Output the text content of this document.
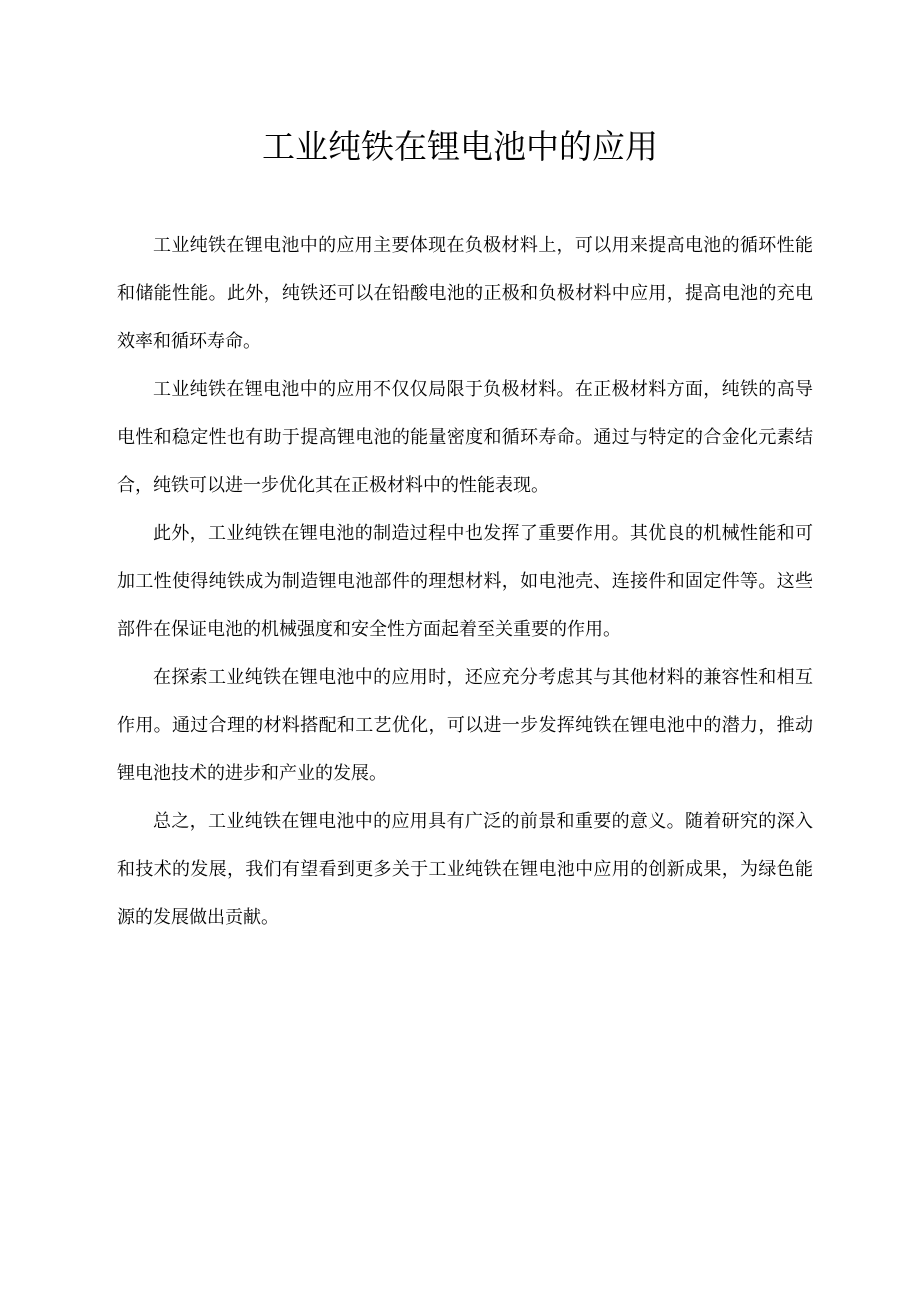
工业纯铁在锂电池中的应用

工业纯铁在锂电池中的应用主要体现在负极材料上，可以用来提高电池的循环性能和储能性能。此外，纯铁还可以在铅酸电池的正极和负极材料中应用，提高电池的充电效率和循环寿命。

工业纯铁在锂电池中的应用不仅仅局限于负极材料。在正极材料方面，纯铁的高导电性和稳定性也有助于提高锂电池的能量密度和循环寿命。通过与特定的合金化元素结合，纯铁可以进一步优化其在正极材料中的性能表现。

此外，工业纯铁在锂电池的制造过程中也发挥了重要作用。其优良的机械性能和可加工性使得纯铁成为制造锂电池部件的理想材料，如电池壳、连接件和固定件等。这些部件在保证电池的机械强度和安全性方面起着至关重要的作用。

在探索工业纯铁在锂电池中的应用时，还应充分考虑其与其他材料的兼容性和相互作用。通过合理的材料搭配和工艺优化，可以进一步发挥纯铁在锂电池中的潜力，推动锂电池技术的进步和产业的发展。

总之，工业纯铁在锂电池中的应用具有广泛的前景和重要的意义。随着研究的深入和技术的发展，我们有望看到更多关于工业纯铁在锂电池中应用的创新成果，为绿色能源的发展做出贡献。
